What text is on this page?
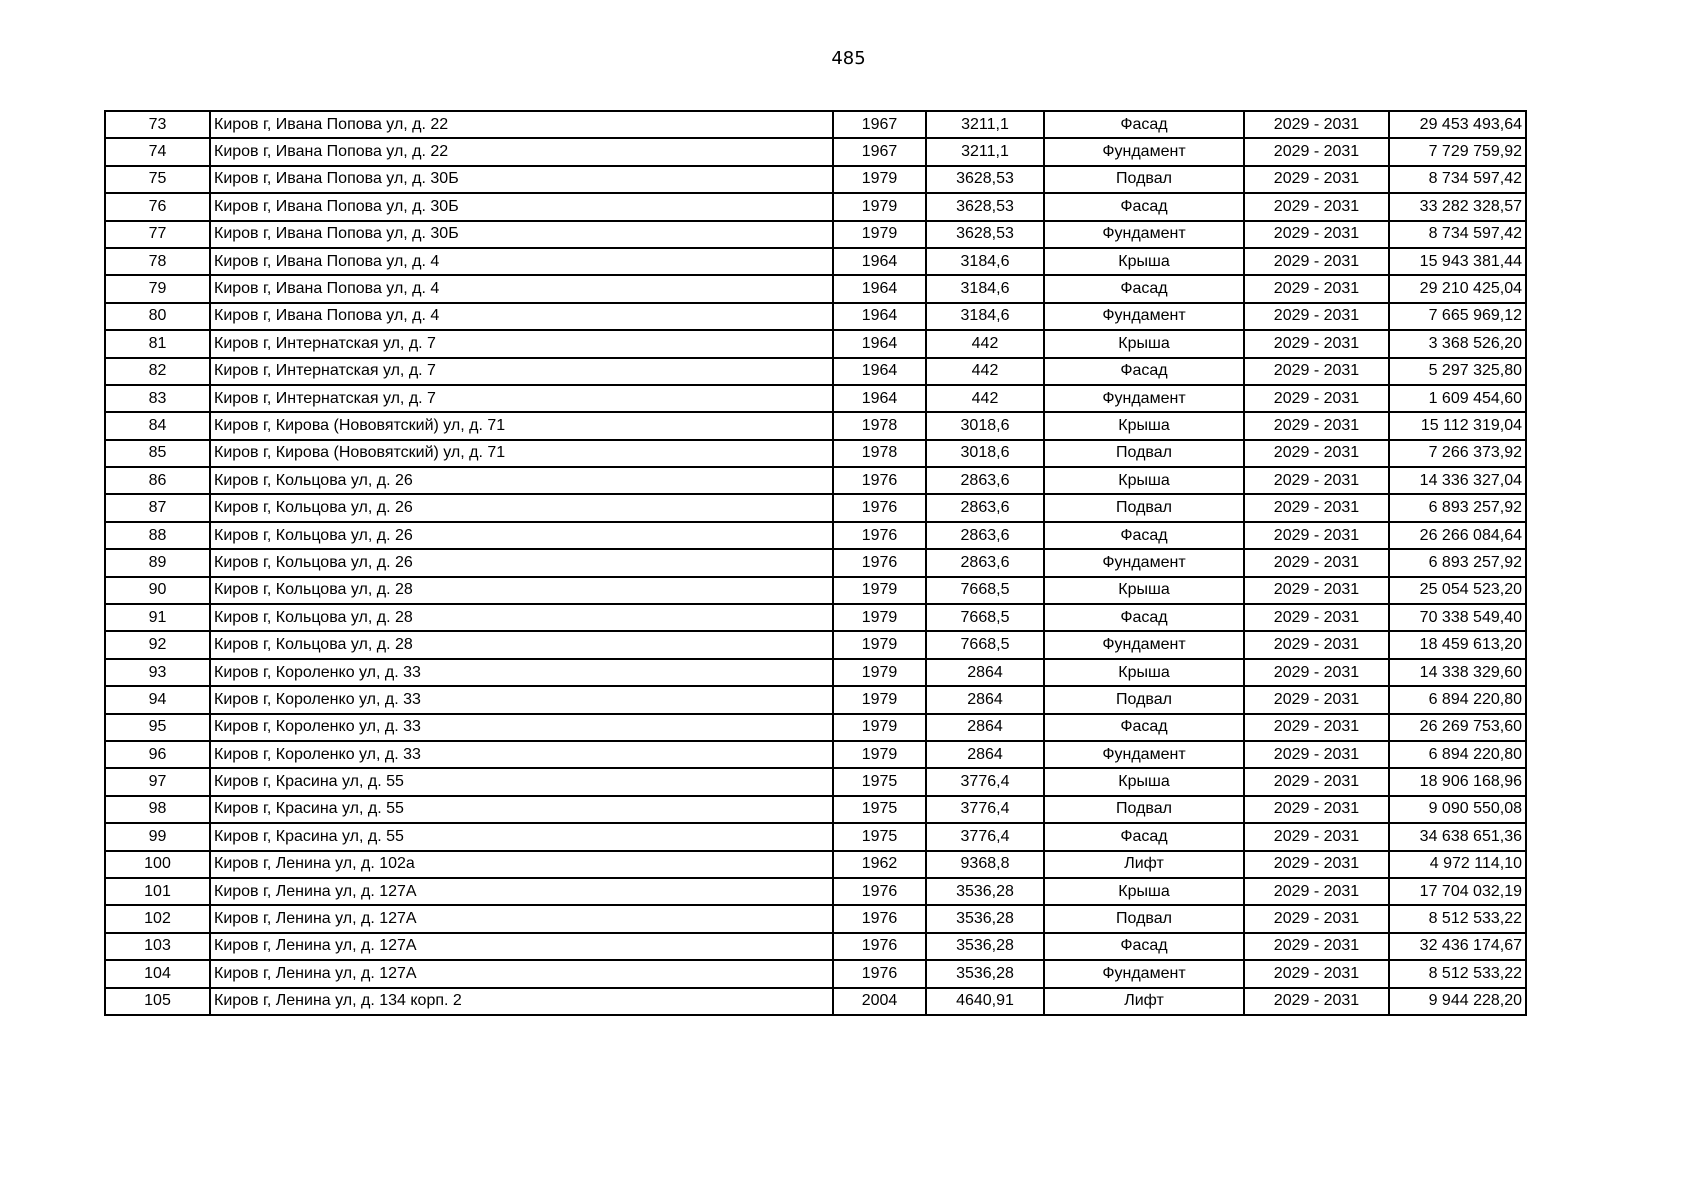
485
73	Киров г, Ивана Попова ул, д. 22	1967	3211,1	Фасад	2029 - 2031	29 453 493,64
74	Киров г, Ивана Попова ул, д. 22	1967	3211,1	Фундамент	2029 - 2031	7 729 759,92
75	Киров г, Ивана Попова ул, д. 30Б	1979	3628,53	Подвал	2029 - 2031	8 734 597,42
76	Киров г, Ивана Попова ул, д. 30Б	1979	3628,53	Фасад	2029 - 2031	33 282 328,57
77	Киров г, Ивана Попова ул, д. 30Б	1979	3628,53	Фундамент	2029 - 2031	8 734 597,42
78	Киров г, Ивана Попова ул, д. 4	1964	3184,6	Крыша	2029 - 2031	15 943 381,44
79	Киров г, Ивана Попова ул, д. 4	1964	3184,6	Фасад	2029 - 2031	29 210 425,04
80	Киров г, Ивана Попова ул, д. 4	1964	3184,6	Фундамент	2029 - 2031	7 665 969,12
81	Киров г, Интернатская ул, д. 7	1964	442	Крыша	2029 - 2031	3 368 526,20
82	Киров г, Интернатская ул, д. 7	1964	442	Фасад	2029 - 2031	5 297 325,80
83	Киров г, Интернатская ул, д. 7	1964	442	Фундамент	2029 - 2031	1 609 454,60
84	Киров г, Кирова (Нововятский) ул, д. 71	1978	3018,6	Крыша	2029 - 2031	15 112 319,04
85	Киров г, Кирова (Нововятский) ул, д. 71	1978	3018,6	Подвал	2029 - 2031	7 266 373,92
86	Киров г, Кольцова ул, д. 26	1976	2863,6	Крыша	2029 - 2031	14 336 327,04
87	Киров г, Кольцова ул, д. 26	1976	2863,6	Подвал	2029 - 2031	6 893 257,92
88	Киров г, Кольцова ул, д. 26	1976	2863,6	Фасад	2029 - 2031	26 266 084,64
89	Киров г, Кольцова ул, д. 26	1976	2863,6	Фундамент	2029 - 2031	6 893 257,92
90	Киров г, Кольцова ул, д. 28	1979	7668,5	Крыша	2029 - 2031	25 054 523,20
91	Киров г, Кольцова ул, д. 28	1979	7668,5	Фасад	2029 - 2031	70 338 549,40
92	Киров г, Кольцова ул, д. 28	1979	7668,5	Фундамент	2029 - 2031	18 459 613,20
93	Киров г, Короленко ул, д. 33	1979	2864	Крыша	2029 - 2031	14 338 329,60
94	Киров г, Короленко ул, д. 33	1979	2864	Подвал	2029 - 2031	6 894 220,80
95	Киров г, Короленко ул, д. 33	1979	2864	Фасад	2029 - 2031	26 269 753,60
96	Киров г, Короленко ул, д. 33	1979	2864	Фундамент	2029 - 2031	6 894 220,80
97	Киров г, Красина ул, д. 55	1975	3776,4	Крыша	2029 - 2031	18 906 168,96
98	Киров г, Красина ул, д. 55	1975	3776,4	Подвал	2029 - 2031	9 090 550,08
99	Киров г, Красина ул, д. 55	1975	3776,4	Фасад	2029 - 2031	34 638 651,36
100	Киров г, Ленина ул, д. 102а	1962	9368,8	Лифт	2029 - 2031	4 972 114,10
101	Киров г, Ленина ул, д. 127А	1976	3536,28	Крыша	2029 - 2031	17 704 032,19
102	Киров г, Ленина ул, д. 127А	1976	3536,28	Подвал	2029 - 2031	8 512 533,22
103	Киров г, Ленина ул, д. 127А	1976	3536,28	Фасад	2029 - 2031	32 436 174,67
104	Киров г, Ленина ул, д. 127А	1976	3536,28	Фундамент	2029 - 2031	8 512 533,22
105	Киров г, Ленина ул, д. 134 корп. 2	2004	4640,91	Лифт	2029 - 2031	9 944 228,20
